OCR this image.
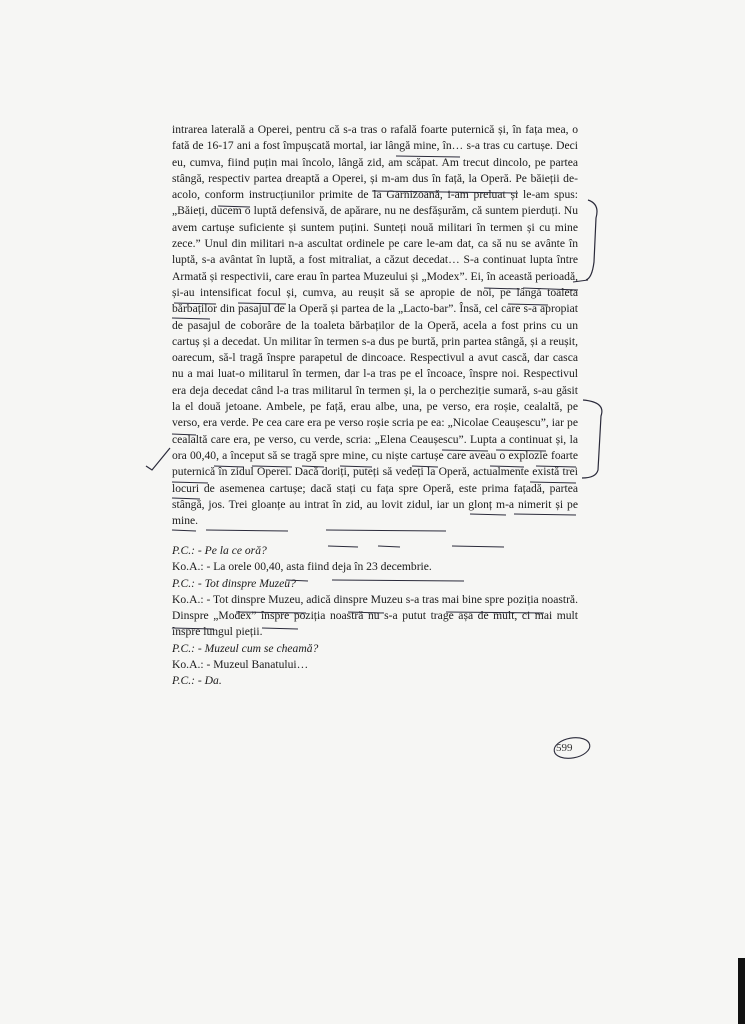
intrarea laterală a Operei, pentru că s-a tras o rafală foarte puternică și, în fața mea, o fată de 16-17 ani a fost împușcată mortal, iar lângă mine, în… s-a tras cu cartușe. Deci eu, cumva, fiind puțin mai încolo, lângă zid, am scăpat. Am trecut dincolo, pe partea stângă, respectiv partea dreaptă a Operei, și m-am dus în față, la Operă. Pe băieții de-acolo, conform instrucțiunilor primite de la Garnizoană, i-am preluat și le-am spus: „Băieți, ducem o luptă defensivă, de apărare, nu ne desfășurăm, că suntem pierduți. Nu avem cartușe suficiente și suntem puțini. Sunteți nouă militari în termen și cu mine zece.” Unul din militari n-a ascultat ordinele pe care le-am dat, ca să nu se avânte în luptă, s-a avântat în luptă, a fost mitraliat, a căzut decedat… S-a continuat lupta între Armată și respectivii, care erau în partea Muzeului și „Modex”. Ei, în această perioadă, și-au intensificat focul și, cumva, au reușit să se apropie de noi, pe lângă toaleta bărbaților din pasajul de la Operă și partea de la „Lacto-bar”. Însă, cel care s-a apropiat de pasajul de coborâre de la toaleta bărbaților de la Operă, acela a fost prins cu un cartuș și a decedat. Un militar în termen s-a dus pe burtă, prin partea stângă, și a reușit, oarecum, să-l tragă înspre parapetul de dincoace. Respectivul a avut cască, dar casca nu a mai luat-o militarul în termen, dar l-a tras pe el încoace, înspre noi. Respectivul era deja decedat când l-a tras militarul în termen și, la o percheziție sumară, s-au găsit la el două jetoane. Ambele, pe față, erau albe, una, pe verso, era roșie, cealaltă, pe verso, era verde. Pe cea care era pe verso roșie scria pe ea: „Nicolae Ceaușescu”, iar pe cealaltă care era, pe verso, cu verde, scria: „Elena Ceaușescu”. Lupta a continuat și, la ora 00,40, a început să se tragă spre mine, cu niște cartușe care aveau o explozie foarte puternică în zidul Operei. Dacă doriți, puteți să vedeți la Operă, actualmente există trei locuri de asemenea cartușe; dacă stați cu fața spre Operă, este prima fațadă, partea stângă, jos. Trei gloanțe au intrat în zid, au lovit zidul, iar un glonț m-a nimerit și pe mine.

P.C.: - Pe la ce oră?

Ko.A.: - La orele 00,40, asta fiind deja în 23 decembrie.

P.C.: - Tot dinspre Muzeu?

Ko.A.: - Tot dinspre Muzeu, adică dinspre Muzeu s-a tras mai bine spre poziția noastră. Dinspre „Modex” înspre poziția noastră nu s-a putut trage așa de mult, ci mai mult înspre lungul pieții.

P.C.: - Muzeul cum se cheamă?

Ko.A.: - Muzeul Banatului…

P.C.: - Da.

599
